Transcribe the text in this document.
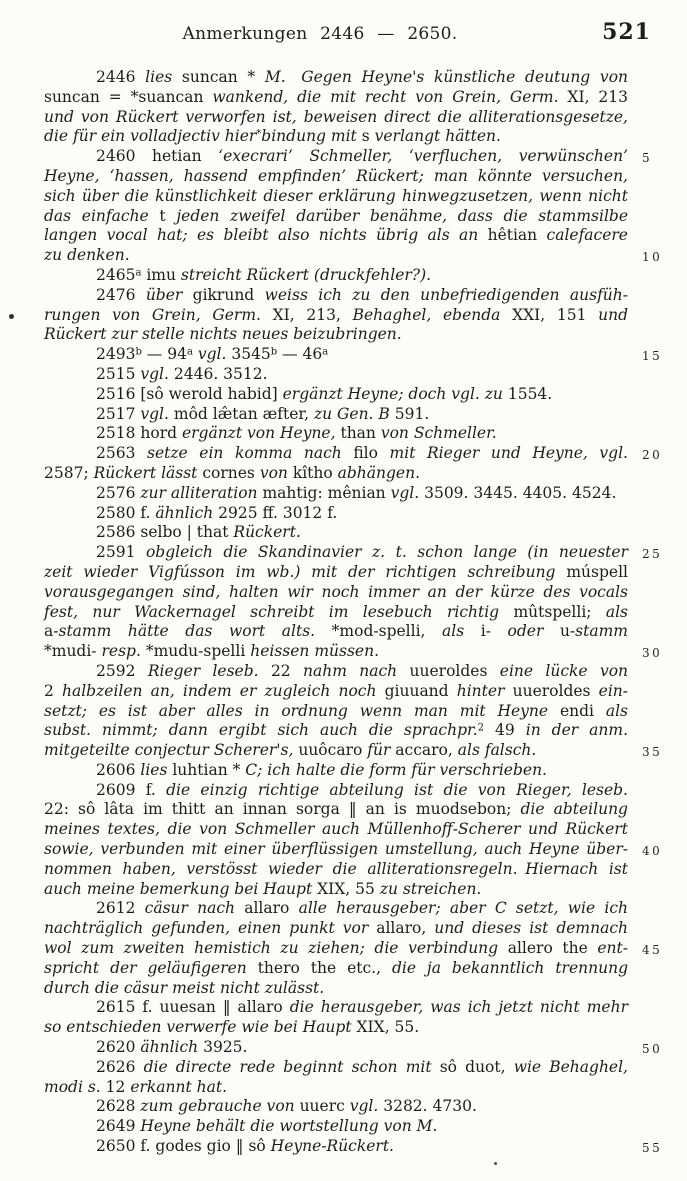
Anmerkungen 2446 — 2650.	521
2446 lies suncan * M. Gegen Heyne's künstliche deutung von
suncan = *suancan wankend, die mit recht von Grein, Germ. XI, 213
und von Rückert verworfen ist, beweisen direct die alliterationsgesetze,
die für ein volladjectiv hier*bindung mit s verlangt hätten.
2460 hetian ‘execrari’ Schmeller, ‘verfluchen, verwünschen’ 5
Heyne, ‘hassen, hassend empfinden’ Rückert; man könnte versuchen,
sich über die künstlichkeit dieser erklärung hinwegzusetzen, wenn nicht
das einfache t jeden zweifel darüber benähme, dass die stammsilbe
langen vocal hat; es bleibt also nichts übrig als an hêtian calefacere
zu denken.	10
2465$^a$ imu streicht Rückert (druckfehler?).
2476 über gikrund weiss ich zu den unbefriedigenden ausfüh-
rungen von Grein, Germ. XI, 213, Behaghel, ebenda XXI, 151 und
Rückert zur stelle nichts neues beizubringen.
2493$^b$ — 94$^a$ vgl. 3545$^b$ — 46$^a$	15
2515 vgl. 2446. 3512.
2516 [sô werold habid] ergänzt Heyne; doch vgl. zu 1554.
2517 vgl. môd læ̂tan æfter, zu Gen. B 591.
2518 hord ergänzt von Heyne, than von Schmeller.
2563 setze ein komma nach filo mit Rieger und Heyne, vgl. 20
2587; Rückert lässt cornes von kîtho abhängen.
2576 zur alliteration mahtig: mênian vgl. 3509. 3445. 4405. 4524.
2580 f. ähnlich 2925 ff. 3012 f.
2586 selbo | that Rückert.
2591 obgleich die Skandinavier z. t. schon lange (in neuester 25
zeit wieder Vigfússon im wb.) mit der richtigen schreibung múspell
vorausgegangen sind, halten wir noch immer an der kürze des vocals
fest, nur Wackernagel schreibt im lesebuch richtig mûtspelli; als
a-stamm hätte das wort alts. *mod-spelli, als i- oder u-stamm
*mudi- resp. *mudu-spelli heissen müssen.	30
2592 Rieger leseb. 22 nahm nach uueroldes eine lücke von
2 halbzeilen an, indem er zugleich noch giuuand hinter uueroldes ein-
setzt; es ist aber alles in ordnung wenn man mit Heyne endi als
subst. nimmt; dann ergibt sich auch die sprachpr.$^2$ 49 in der anm.
mitgeteilte conjectur Scherer's, uuôcaro für accaro, als falsch.	35
2606 lies luhtian * C; ich halte die form für verschrieben.
2609 f. die einzig richtige abteilung ist die von Rieger, leseb.
22: sô lâta im thitt an innan sorga ‖ an is muodsebon; die abteilung
meines textes, die von Schmeller auch Müllenhoff-Scherer und Rückert
sowie, verbunden mit einer überflüssigen umstellung, auch Heyne über- 40
nommen haben, verstösst wieder die alliterationsregeln. Hiernach ist
auch meine bemerkung bei Haupt XIX, 55 zu streichen.
2612 cäsur nach allaro alle herausgeber; aber C setzt, wie ich
nachträglich gefunden, einen punkt vor allaro, und dieses ist demnach
wol zum zweiten hemistich zu ziehen; die verbindung allero the ent- 45
spricht der geläufigeren thero the etc., die ja bekanntlich trennung
durch die cäsur meist nicht zulässt.
2615 f. uuesan ‖ allaro die herausgeber, was ich jetzt nicht mehr
so entschieden verwerfe wie bei Haupt XIX, 55.
2620 ähnlich 3925.	50
2626 die directe rede beginnt schon mit sô duot, wie Behaghel,
modi s. 12 erkannt hat.
2628 zum gebrauche von uuerc vgl. 3282. 4730.
2649 Heyne behält die wortstellung von M.
2650 f. godes gio ‖ sô Heyne-Rückert.	55
